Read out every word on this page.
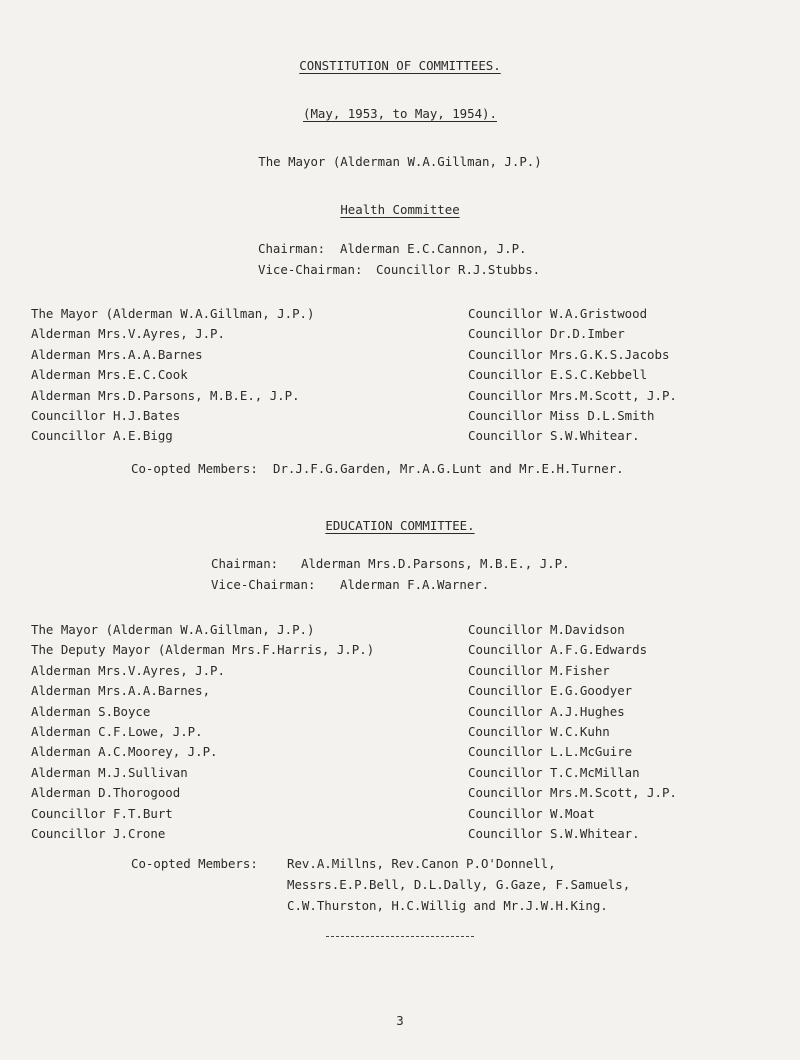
CONSTITUTION OF COMMITTEES.
(May, 1953, to May, 1954).
The Mayor (Alderman W.A.Gillman, J.P.)
Health Committee
Chairman: Alderman E.C.Cannon, J.P.
Vice-Chairman: Councillor R.J.Stubbs.
The Mayor (Alderman W.A.Gillman, J.P.)	Councillor W.A.Gristwood
Alderman Mrs.V.Ayres, J.P.	Councillor Dr.D.Imber
Alderman Mrs.A.A.Barnes	Councillor Mrs.G.K.S.Jacobs
Alderman Mrs.E.C.Cook	Councillor E.S.C.Kebbell
Alderman Mrs.D.Parsons, M.B.E., J.P.	Councillor Mrs.M.Scott, J.P.
Councillor H.J.Bates	Councillor Miss D.L.Smith
Councillor A.E.Bigg	Councillor S.W.Whitear.
Co-opted Members: Dr.J.F.G.Garden, Mr.A.G.Lunt and Mr.E.H.Turner.
EDUCATION COMMITTEE.
Chairman: Alderman Mrs.D.Parsons, M.B.E., J.P.
Vice-Chairman: Alderman F.A.Warner.
The Mayor (Alderman W.A.Gillman, J.P.)	Councillor M.Davidson
The Deputy Mayor (Alderman Mrs.F.Harris, J.P.)	Councillor A.F.G.Edwards
Alderman Mrs.V.Ayres, J.P.	Councillor M.Fisher
Alderman Mrs.A.A.Barnes,	Councillor E.G.Goodyer
Alderman S.Boyce	Councillor A.J.Hughes
Alderman C.F.Lowe, J.P.	Councillor W.C.Kuhn
Alderman A.C.Moorey, J.P.	Councillor L.L.McGuire
Alderman M.J.Sullivan	Councillor T.C.McMillan
Alderman D.Thorogood	Councillor Mrs.M.Scott, J.P.
Councillor F.T.Burt	Councillor W.Moat
Councillor J.Crone	Councillor S.W.Whitear.
Co-opted Members: Rev.A.Millns, Rev.Canon P.O'Donnell,
Messrs.E.P.Bell, D.L.Dally, G.Gaze, F.Samuels,
C.W.Thurston, H.C.Willig and Mr.J.W.H.King.
3
